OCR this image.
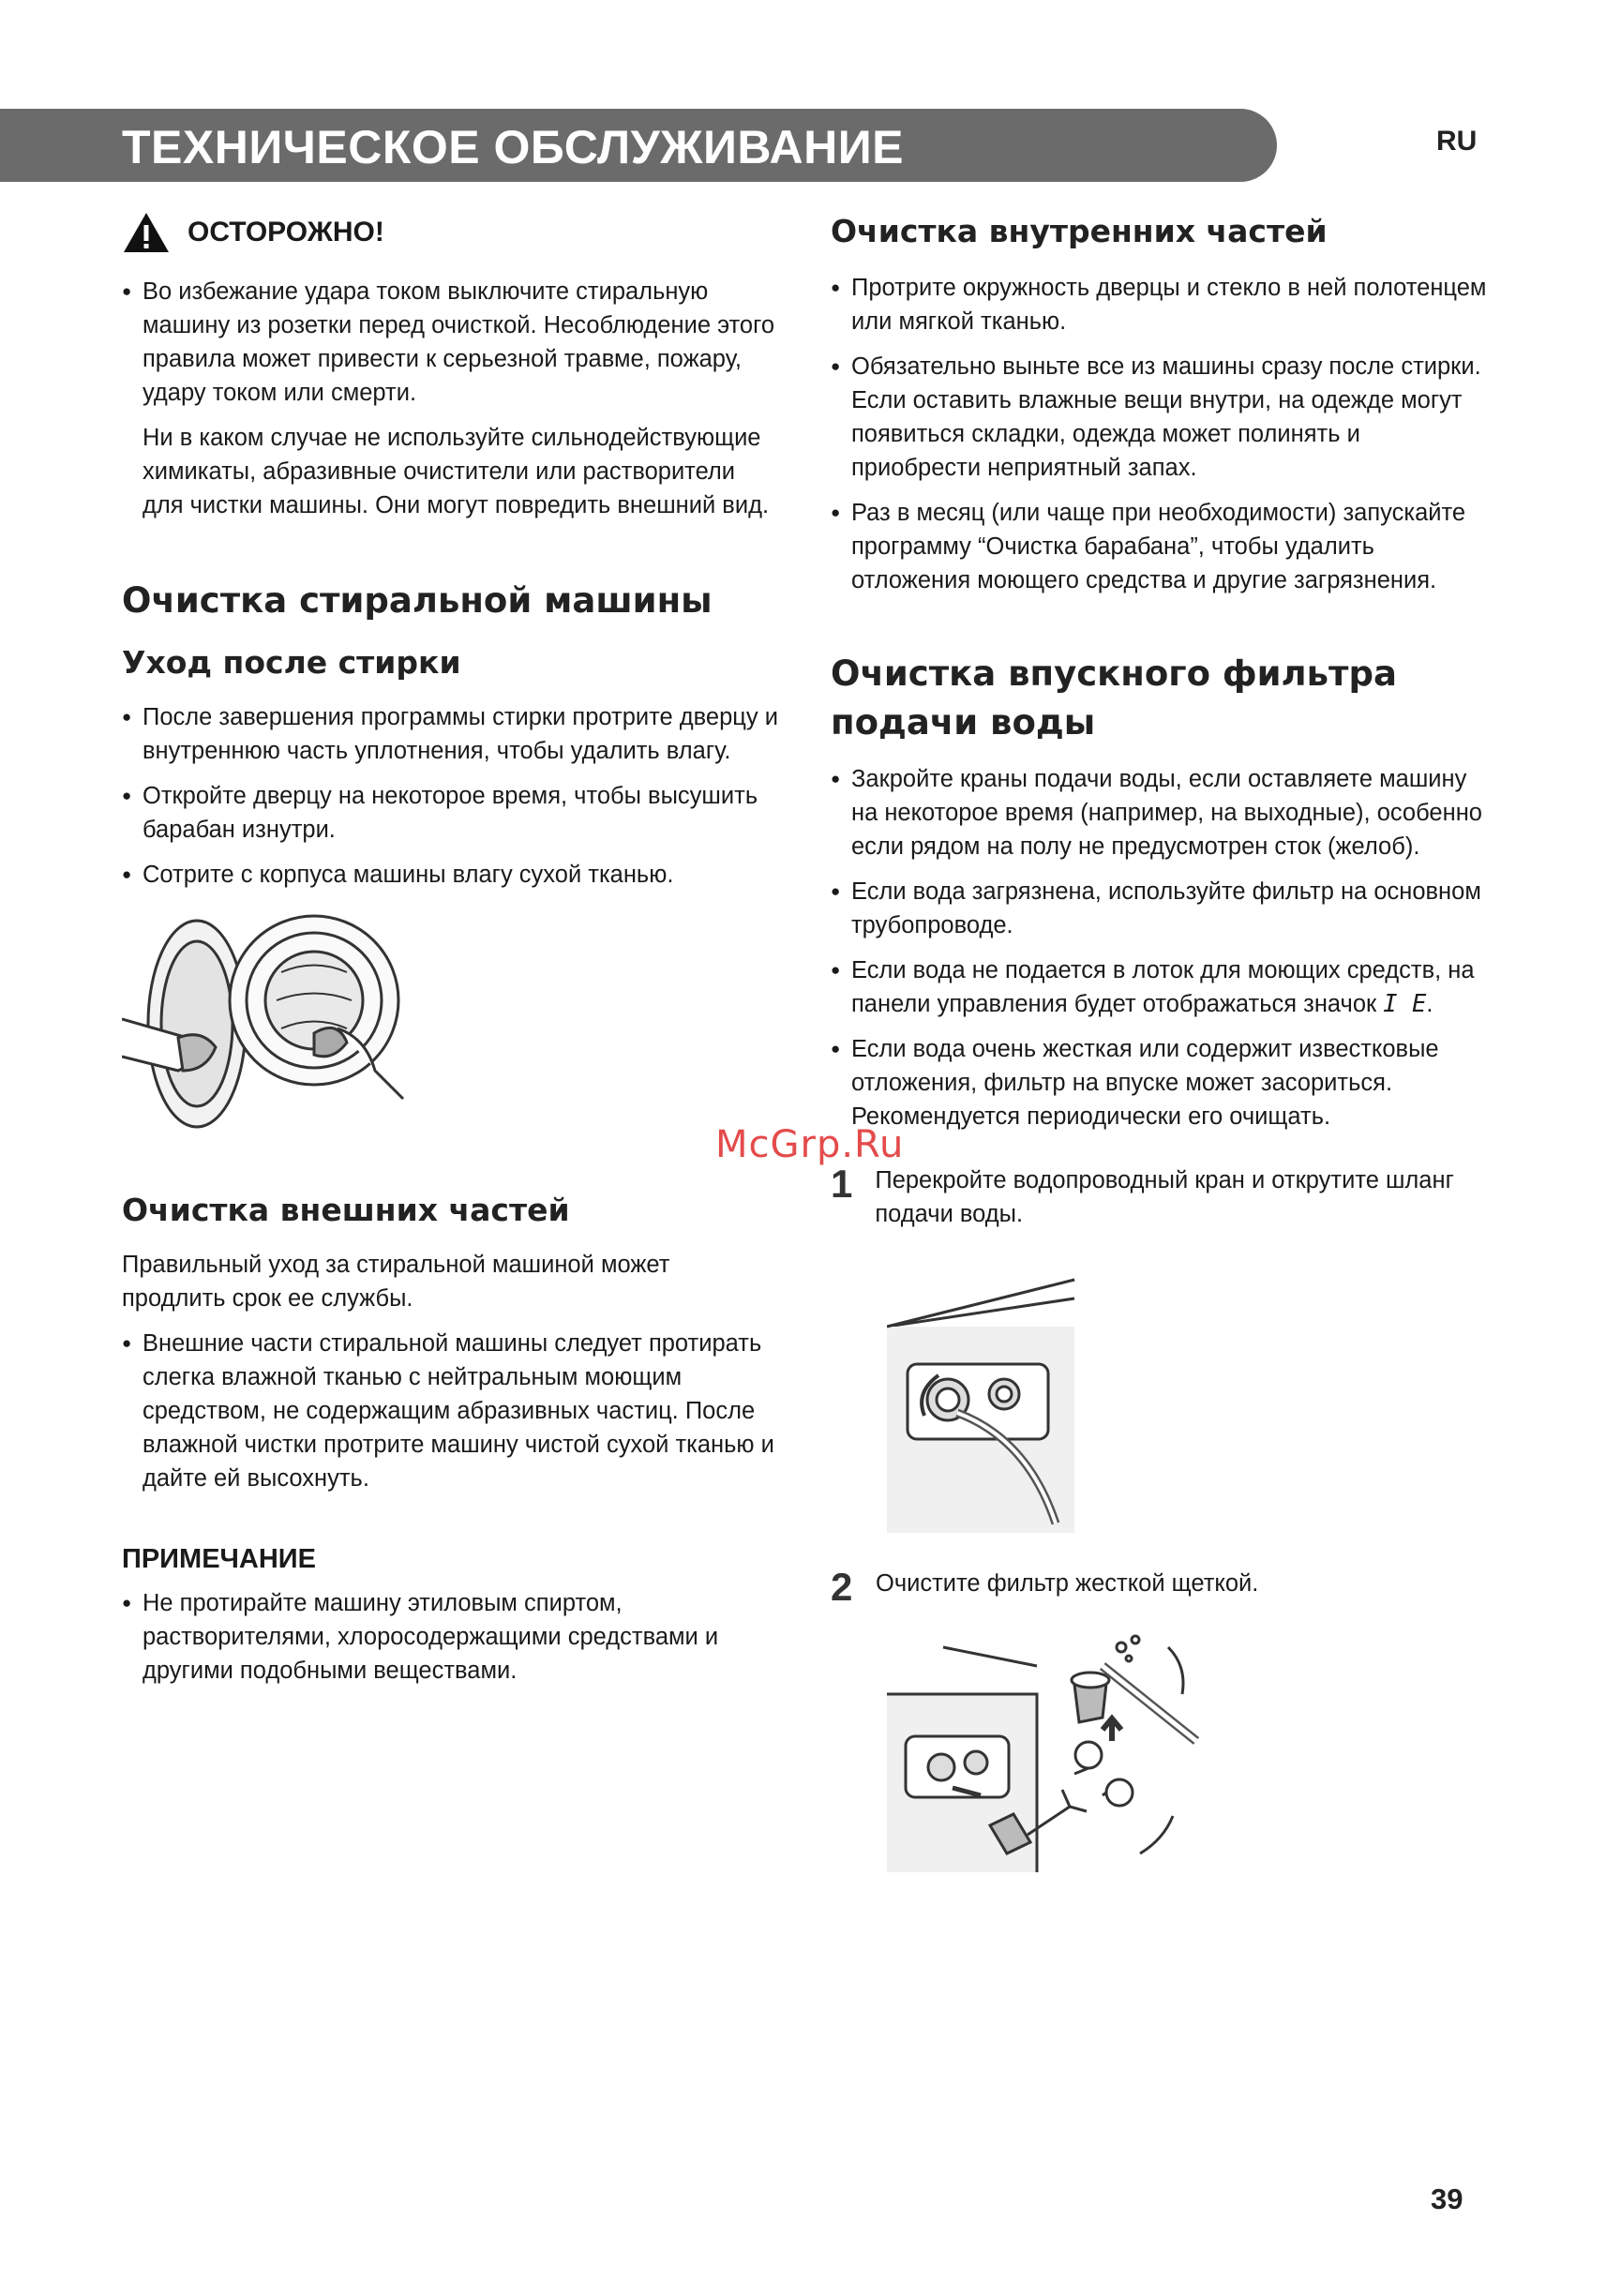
ТЕХНИЧЕСКОЕ ОБСЛУЖИВАНИЕ	RU
ОСТОРОЖНО!
● Во избежание удара током выключите стиральную машину из розетки перед очисткой. Несоблюдение этого правила может привести к серьезной травме, пожару, удару током или смерти.

Ни в каком случае не используйте сильнодействующие химикаты, абразивные очистители или растворители для чистки машины. Они могут повредить внешний вид.

Очистка стиральной машины
Уход после стирки
● После завершения программы стирки протрите дверцу и внутреннюю часть уплотнения, чтобы удалить влагу.
● Откройте дверцу на некоторое время, чтобы высушить барабан изнутри.
● Сотрите с корпуса машины влагу сухой тканью.
Очистка внешних частей

Правильный уход за стиральной машиной может продлить срок ее службы.

● Внешние части стиральной машины следует протирать слегка влажной тканью с нейтральным моющим средством, не содержащим абразивных частиц. После влажной чистки протрите машину чистой сухой тканью и дайте ей высохнуть.

ПРИМЕЧАНИЕ

● Не протирайте машину этиловым спиртом, растворителями, хлоросодержащими средствами и другими подобными веществами.
Очистка внутренних частей
● Протрите окружность дверцы и стекло в ней полотенцем или мягкой тканью.
● Обязательно выньте все из машины сразу после стирки. Если оставить влажные вещи внутри, на одежде могут появиться складки, одежда может полинять и приобрести неприятный запах.
● Раз в месяц (или чаще при необходимости) запускайте программу “Очистка барабана”, чтобы удалить отложения моющего средства и другие загрязнения.
Очистка впускного фильтра подачи воды
● Закройте краны подачи воды, если оставляете машину на некоторое время (например, на выходные), особенно если рядом на полу не предусмотрен сток (желоб).
● Если вода загрязнена, используйте фильтр на основном трубопроводе.
● Если вода не подается в лоток для моющих средств, на панели управления будет отображаться значок I E.
● Если вода очень жесткая или содержит известковые отложения, фильтр на впуске может засориться. Рекомендуется периодически его очищать.
1 Перекройте водопроводный кран и открутите шланг подачи воды.
2 Очистите фильтр жесткой щеткой.
McGrp.Ru
39
